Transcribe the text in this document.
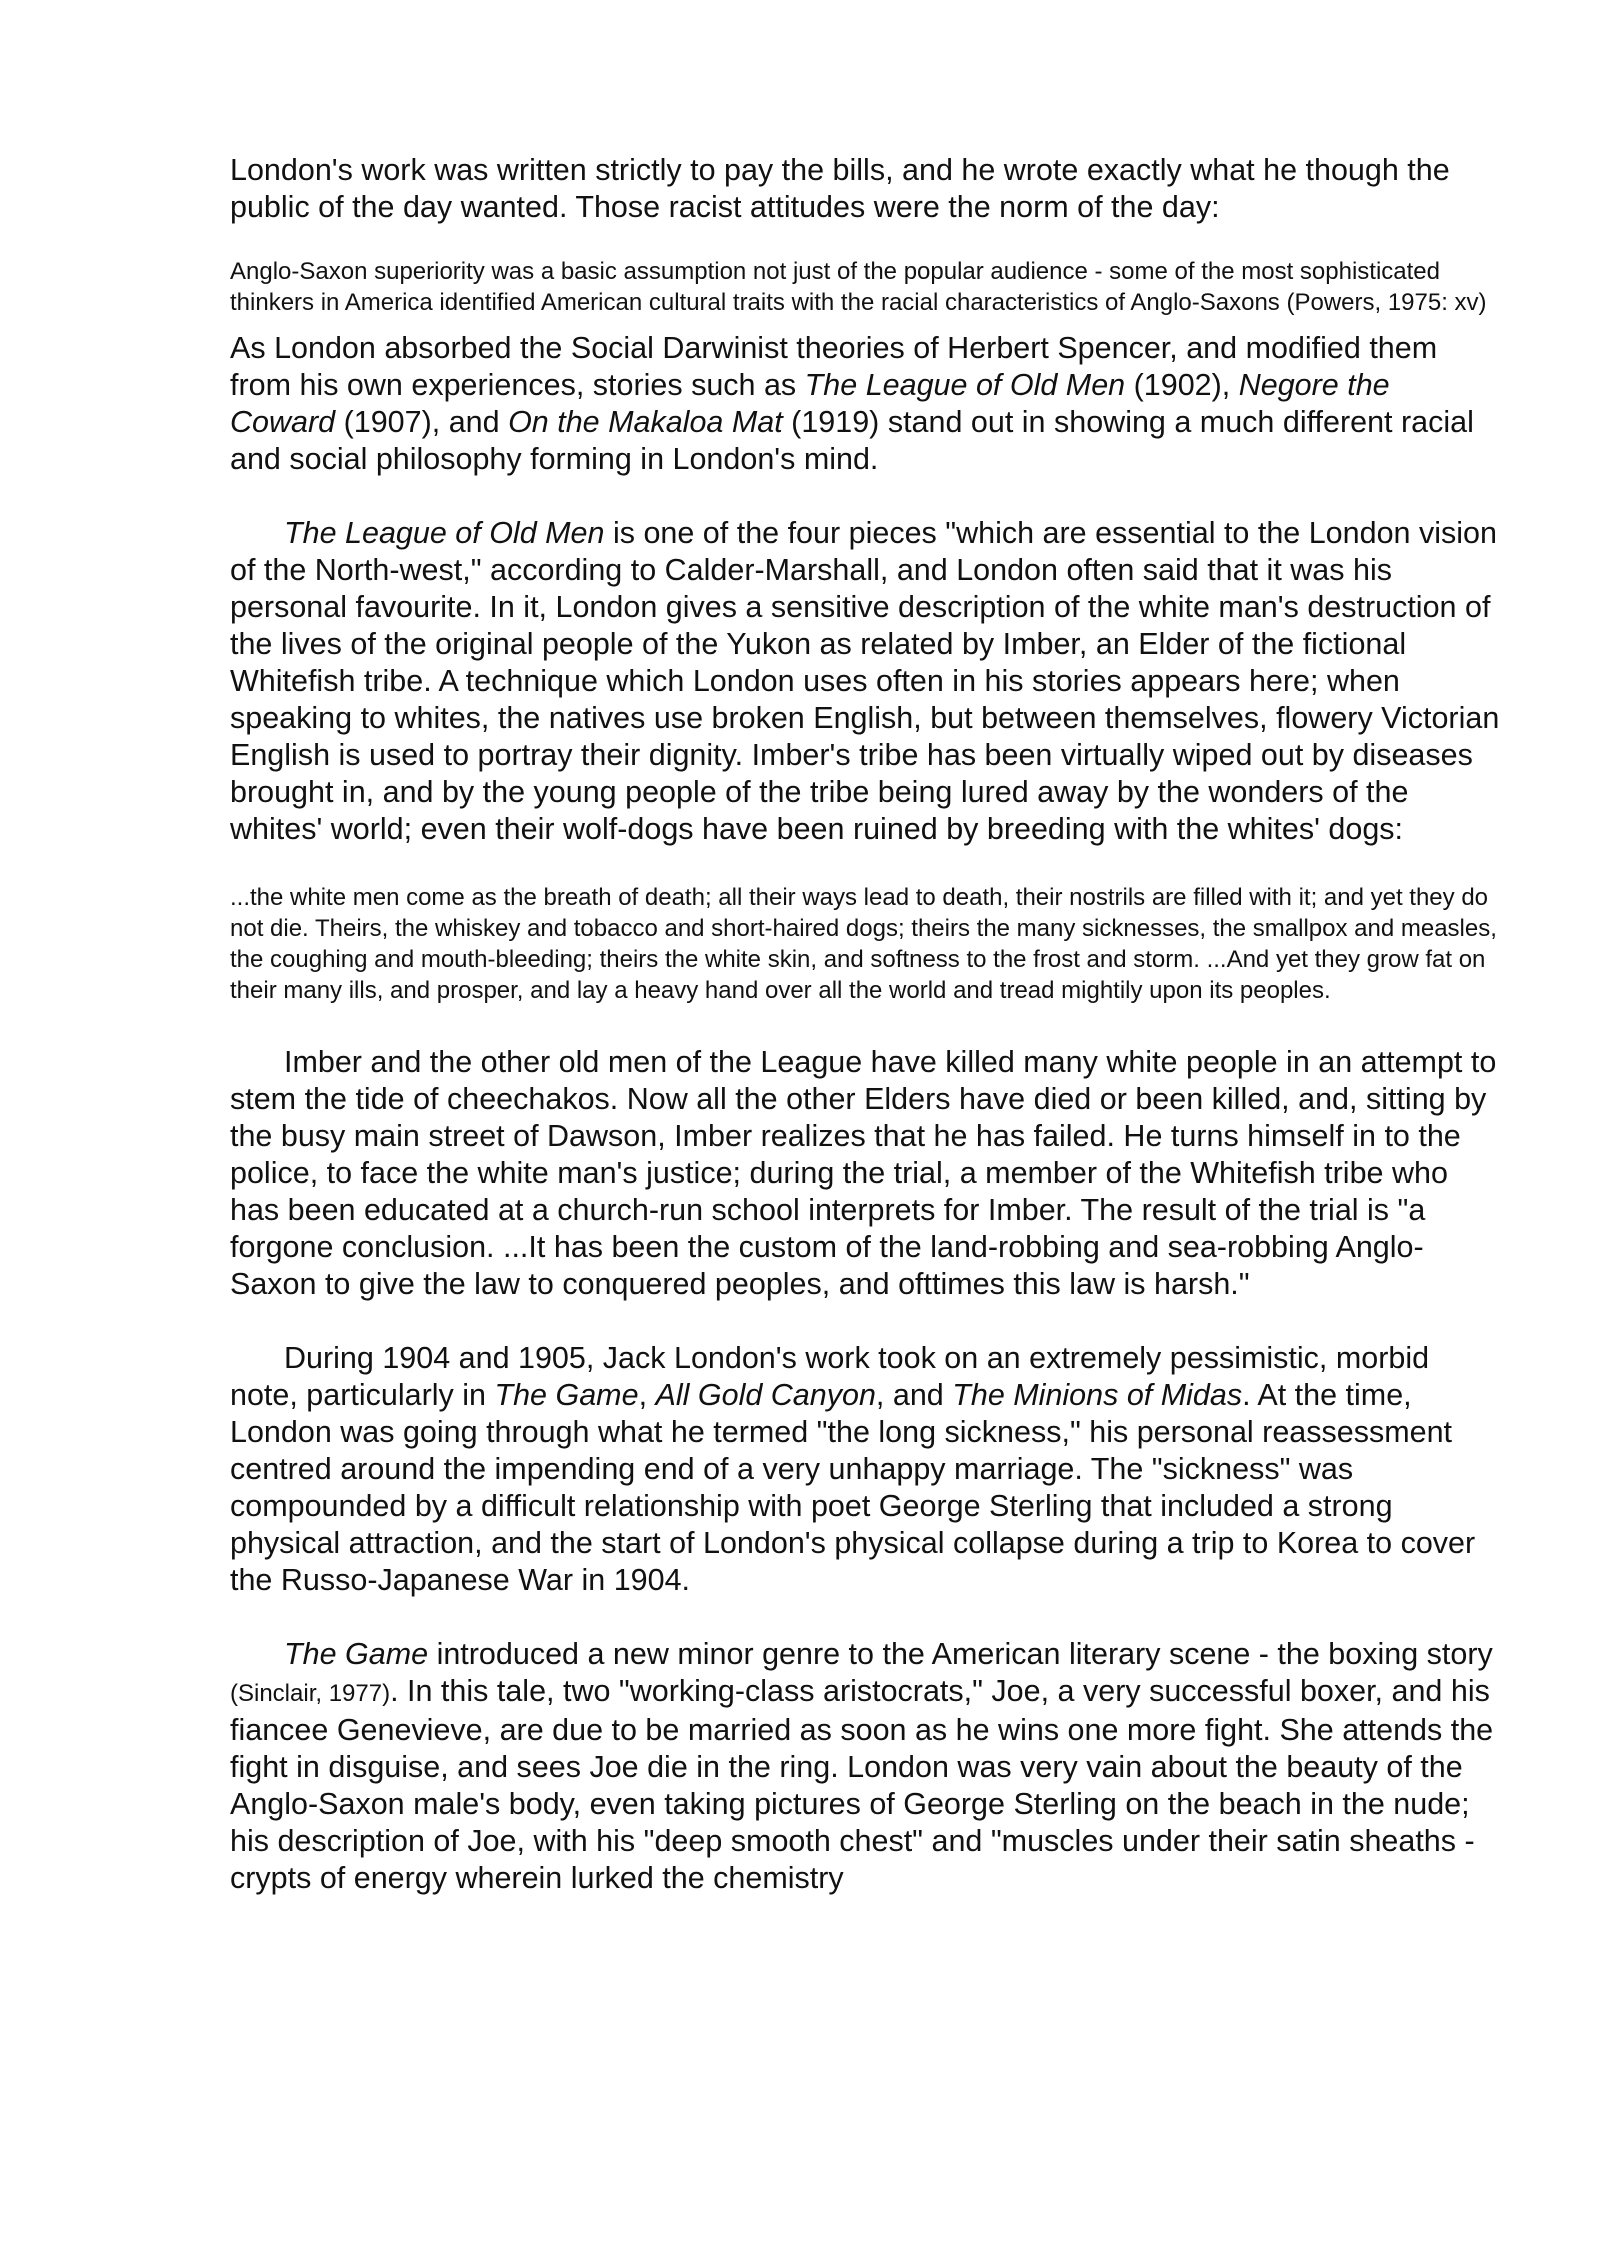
London's work was written strictly to pay the bills, and he wrote exactly what he though the public of the day wanted. Those racist attitudes were the norm of the day:

Anglo-Saxon superiority was a basic assumption not just of the popular audience - some of the most sophisticated thinkers in America identified American cultural traits with the racial characteristics of Anglo-Saxons (Powers, 1975: xv)

As London absorbed the Social Darwinist theories of Herbert Spencer, and modified them from his own experiences, stories such as The League of Old Men (1902), Negore the Coward (1907), and On the Makaloa Mat (1919) stand out in showing a much different racial and social philosophy forming in London's mind.

The League of Old Men is one of the four pieces "which are essential to the London vision of the North-west," according to Calder-Marshall, and London often said that it was his personal favourite. In it, London gives a sensitive description of the white man's destruction of the lives of the original people of the Yukon as related by Imber, an Elder of the fictional Whitefish tribe. A technique which London uses often in his stories appears here; when speaking to whites, the natives use broken English, but between themselves, flowery Victorian English is used to portray their dignity. Imber's tribe has been virtually wiped out by diseases brought in, and by the young people of the tribe being lured away by the wonders of the whites' world; even their wolf-dogs have been ruined by breeding with the whites' dogs:

...the white men come as the breath of death; all their ways lead to death, their nostrils are filled with it; and yet they do not die. Theirs, the whiskey and tobacco and short-haired dogs; theirs the many sicknesses, the smallpox and measles, the coughing and mouth-bleeding; theirs the white skin, and softness to the frost and storm. ...And yet they grow fat on their many ills, and prosper, and lay a heavy hand over all the world and tread mightily upon its peoples.

Imber and the other old men of the League have killed many white people in an attempt to stem the tide of cheechakos. Now all the other Elders have died or been killed, and, sitting by the busy main street of Dawson, Imber realizes that he has failed. He turns himself in to the police, to face the white man's justice; during the trial, a member of the Whitefish tribe who has been educated at a church-run school interprets for Imber. The result of the trial is "a forgone conclusion. ...It has been the custom of the land-robbing and sea-robbing Anglo-Saxon to give the law to conquered peoples, and ofttimes this law is harsh."

During 1904 and 1905, Jack London's work took on an extremely pessimistic, morbid note, particularly in The Game, All Gold Canyon, and The Minions of Midas. At the time, London was going through what he termed "the long sickness," his personal reassessment centred around the impending end of a very unhappy marriage. The "sickness" was compounded by a difficult relationship with poet George Sterling that included a strong physical attraction, and the start of London's physical collapse during a trip to Korea to cover the Russo-Japanese War in 1904.

The Game introduced a new minor genre to the American literary scene - the boxing story (Sinclair, 1977). In this tale, two "working-class aristocrats," Joe, a very successful boxer, and his fiancee Genevieve, are due to be married as soon as he wins one more fight. She attends the fight in disguise, and sees Joe die in the ring. London was very vain about the beauty of the Anglo-Saxon male's body, even taking pictures of George Sterling on the beach in the nude; his description of Joe, with his "deep smooth chest" and "muscles under their satin sheaths - crypts of energy wherein lurked the chemistry
